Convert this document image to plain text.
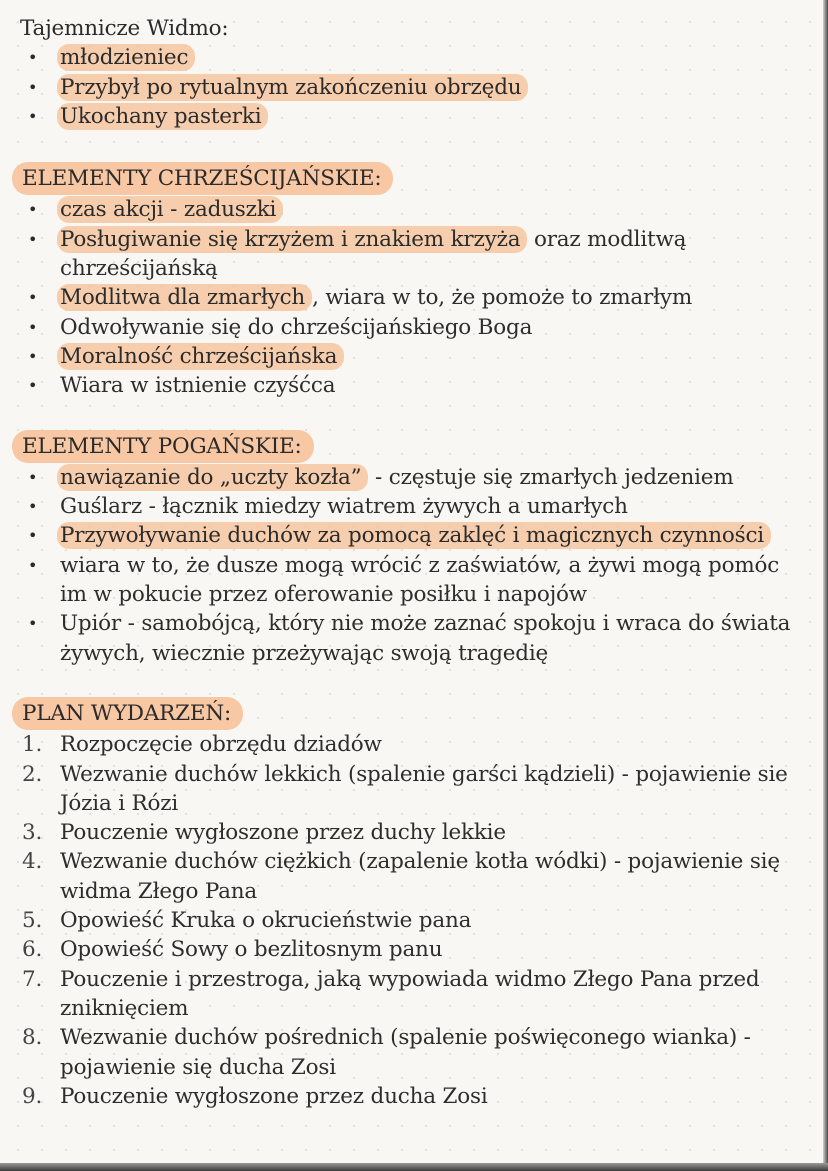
Tajemnicze Widmo:
• młodzieniec
• Przybył po rytualnym zakończeniu obrzędu
• Ukochany pasterki
ELEMENTY CHRZEŚCIJAŃSKIE:
• czas akcji - zaduszki
• Posługiwanie się krzyżem i znakiem krzyża oraz modlitwą chrześcijańską
• Modlitwa dla zmarłych , wiara w to, że pomoże to zmarłym
• Odwoływanie się do chrześcijańskiego Boga
• Moralność chrześcijańska
• Wiara w istnienie czyśćca
ELEMENTY POGAŃSKIE:
• nawiązanie do „uczty kozła” - częstuje się zmarłych jedzeniem
• Guślarz - łącznik miedzy wiatrem żywych a umarłych
• Przywoływanie duchów za pomocą zaklęć i magicznych czynności
• wiara w to, że dusze mogą wrócić z zaświatów, a żywi mogą pomóc im w pokucie przez oferowanie posiłku i napojów
• Upiór - samobójcą, który nie może zaznać spokoju i wraca do świata żywych, wiecznie przeżywając swoją tragedię
PLAN WYDARZEŃ:
1. Rozpoczęcie obrzędu dziadów
2. Wezwanie duchów lekkich (spalenie garści kądzieli) - pojawienie sie Józia i Rózi
3. Pouczenie wygłoszone przez duchy lekkie
4. Wezwanie duchów ciężkich (zapalenie kotła wódki) - pojawienie się widma Złego Pana
5. Opowieść Kruka o okrucieństwie pana
6. Opowieść Sowy o bezlitosnym panu
7. Pouczenie i przestroga, jaką wypowiada widmo Złego Pana przed zniknięciem
8. Wezwanie duchów pośrednich (spalenie poświęconego wianka) - pojawienie się ducha Zosi
9. Pouczenie wygłoszone przez ducha Zosi
